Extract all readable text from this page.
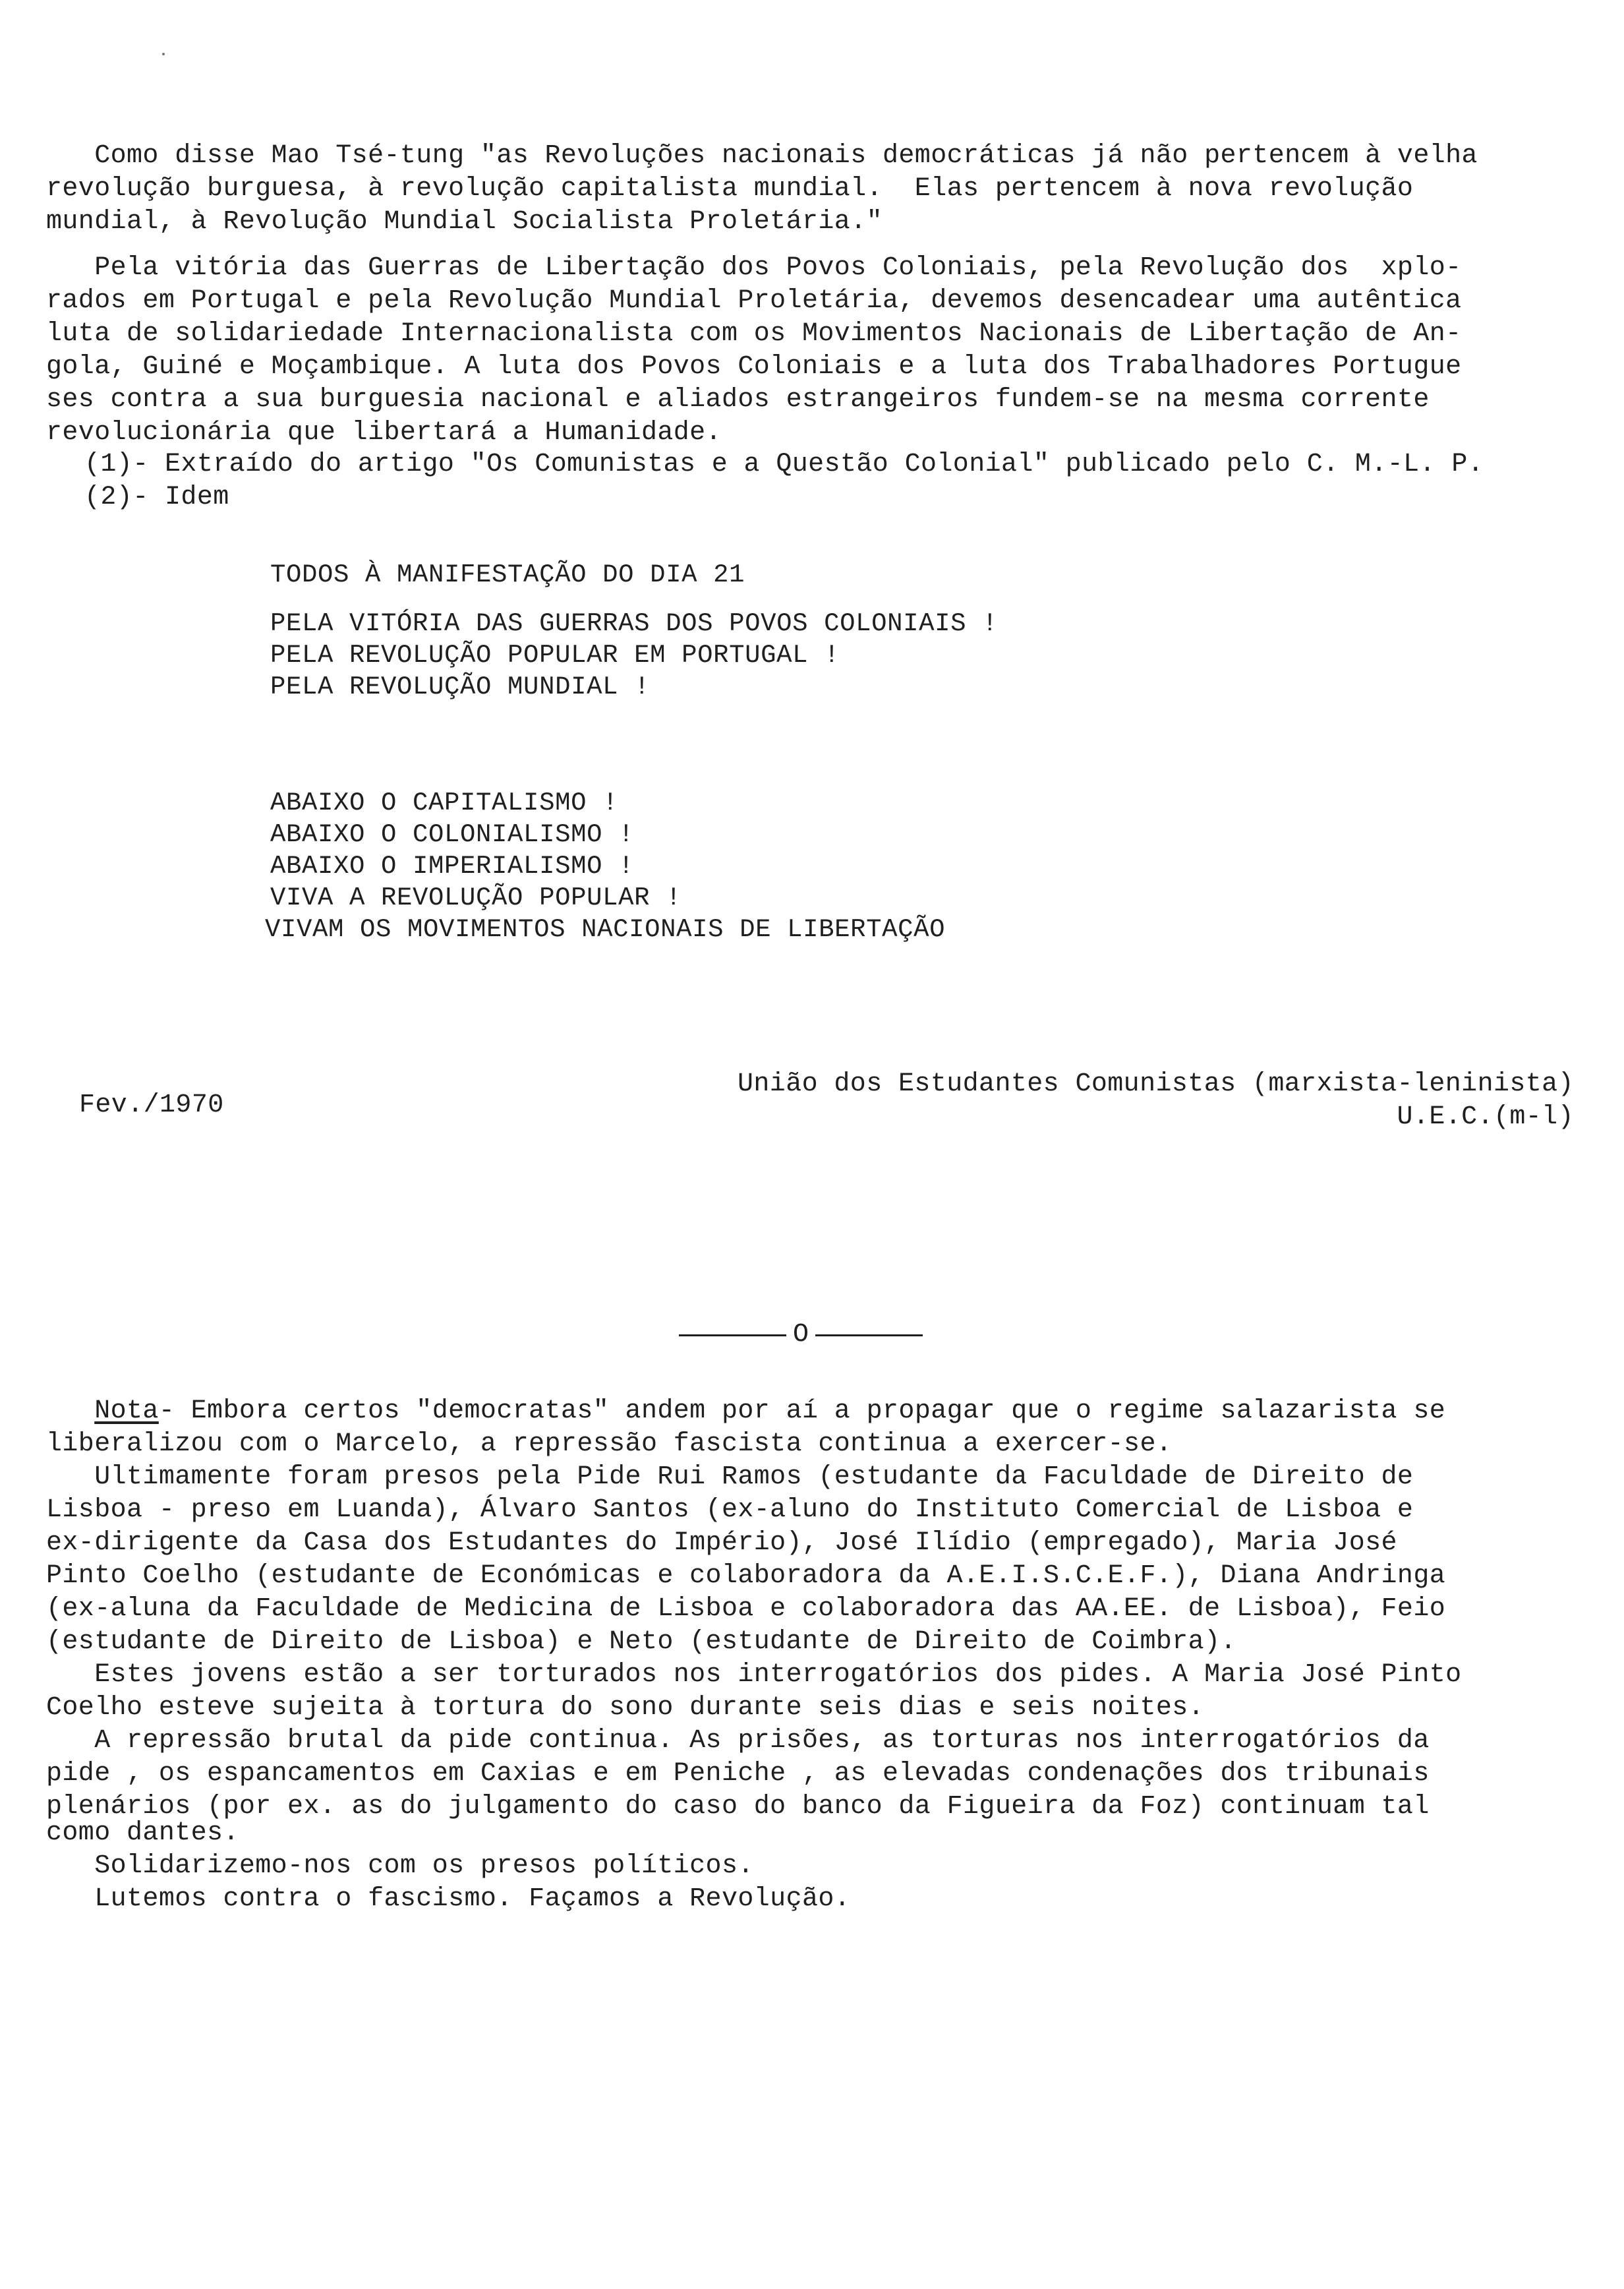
Como disse Mao Tsé-tung "as Revoluções nacionais democráticas já não pertencem à velha
revolução burguesa, à revolução capitalista mundial.  Elas pertencem à nova revolução
mundial, à Revolução Mundial Socialista Proletária."
Pela vitória das Guerras de Libertação dos Povos Coloniais, pela Revolução dos  xplo-
rados em Portugal e pela Revolução Mundial Proletária, devemos desencadear uma autêntica
luta de solidariedade Internacionalista com os Movimentos Nacionais de Libertação de An-
gola, Guiné e Moçambique. A luta dos Povos Coloniais e a luta dos Trabalhadores Portugue
ses contra a sua burguesia nacional e aliados estrangeiros fundem-se na mesma corrente
revolucionária que libertará a Humanidade.
(1)- Extraído do artigo "Os Comunistas e a Questão Colonial" publicado pelo C. M.-L. P.
(2)- Idem
TODOS À MANIFESTAÇÃO DO DIA 21
PELA VITÓRIA DAS GUERRAS DOS POVOS COLONIAIS !
PELA REVOLUÇÃO POPULAR EM PORTUGAL !
PELA REVOLUÇÃO MUNDIAL !
ABAIXO O CAPITALISMO !
ABAIXO O COLONIALISMO !
ABAIXO O IMPERIALISMO !
VIVA A REVOLUÇÃO POPULAR !
VIVAM OS MOVIMENTOS NACIONAIS DE LIBERTAÇÃO
Fev./1970
União dos Estudantes Comunistas (marxista-leninista)
U.E.C.(m-l)
O
Nota- Embora certos "democratas" andem por aí a propagar que o regime salazarista se
liberalizou com o Marcelo, a repressão fascista continua a exercer-se.
Ultimamente foram presos pela Pide Rui Ramos (estudante da Faculdade de Direito de
Lisboa - preso em Luanda), Álvaro Santos (ex-aluno do Instituto Comercial de Lisboa e
ex-dirigente da Casa dos Estudantes do Império), José Ilídio (empregado), Maria José
Pinto Coelho (estudante de Económicas e colaboradora da A.E.I.S.C.E.F.), Diana Andringa
(ex-aluna da Faculdade de Medicina de Lisboa e colaboradora das AA.EE. de Lisboa), Feio
(estudante de Direito de Lisboa) e Neto (estudante de Direito de Coimbra).
Estes jovens estão a ser torturados nos interrogatórios dos pides. A Maria José Pinto
Coelho esteve sujeita à tortura do sono durante seis dias e seis noites.
A repressão brutal da pide continua. As prisões, as torturas nos interrogatórios da
pide , os espancamentos em Caxias e em Peniche , as elevadas condenações dos tribunais
plenários (por ex. as do julgamento do caso do banco da Figueira da Foz) continuam tal
como dantes.
Solidarizemo-nos com os presos políticos.
Lutemos contra o fascismo. Façamos a Revolução.
